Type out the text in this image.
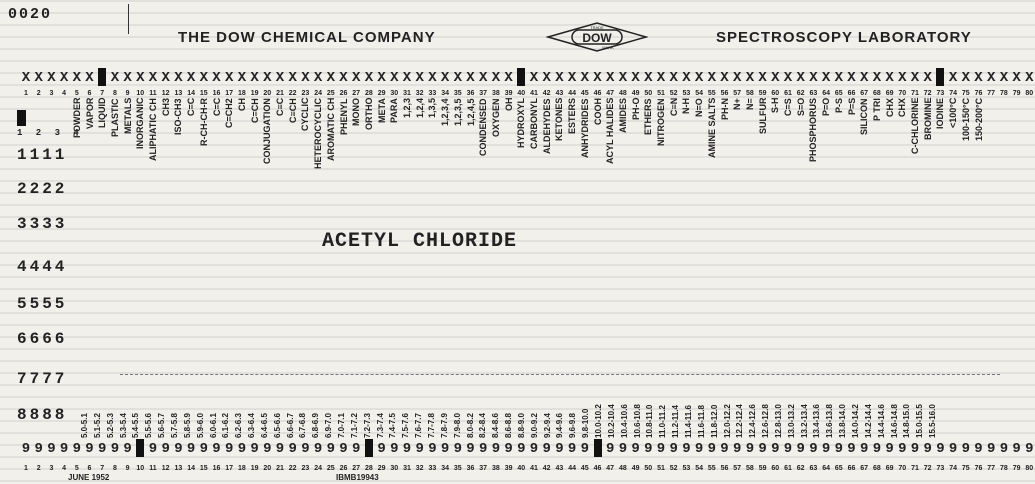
0020
THE DOW CHEMICAL COMPANY	DOW
TRADE
MARK
SPECTROSCOPY LABORATORY
X X X X X X X X X X X X X X X X X X X X X X X X X X X X X X X X X X X X X X X X X X X X X X X X X X X X X X X X X X X X X X X X X X X X X X X X X X X X X
1	2	3	4	5	6	7	8	9 10 11 12 13 14 15 16 17 18 19 20 21 22 23 24 25 26 27 28 29 30 31 32 33 34 35 36 37 38 39 40 41 42 43 44 45 46 47 48 49 50 51 52 53 54 55 56 57 58 59 60 61 62 63 64 65 66 67 68 69 70 71 72 73 74 75 76 77 78 79 80
1 2 3 4
1111
2222
3333
4444
5555
6666
7777
8888
POWDER VAPOR LIQUID PLASTIC METALS INORGANIC ALIPHATIC CH CH3 ISO-CH3 C=C R-CH-CH-R C=C C=CH2 CH C=CH CONJUGATION C≡C C≡CH CYCLIC HETEROCYCLIC AROMATIC CH PHENYL MONO ORTHO META PARA 1,2,3 1,2,4 1,3,5 1,2,3,4 1,2,3,5 1,2,4,5 CONDENSED OXYGEN OH HYDROXYL CARBONYL ALDEHYDES KETONES ESTERS ANHYDRIDES COOH ACYL HALIDES AMIDES PH-O ETHERS NITROGEN C≡N N-H N=O AMINE SALTS PH-N N+ N= SULFUR S-H C=S S=O PHOSPHORUS P=O P-S P=S SILICON P TRI CHX CHX C-CHLORINE BROMINE IODINE <100°C 100-150°C 150-200°C
ACETYL CHLORIDE
5.0-5.1 5.1-5.2 5.2-5.3 5.3-5.4 5.4-5.5 5.5-5.6 5.6-5.7 5.7-5.8 5.8-5.9 5.9-6.0 6.0-6.1 6.1-6.2 6.2-6.3 6.3-6.4 6.4-6.5 6.5-6.6 6.6-6.7 6.7-6.8 6.8-6.9 6.9-7.0 7.0-7.1 7.1-7.2 7.2-7.3 7.3-7.4 7.4-7.5 7.5-7.6 7.6-7.7 7.7-7.8 7.8-7.9 7.9-8.0 8.0-8.2 8.2-8.4 8.4-8.6 8.6-8.8 8.8-9.0 9.0-9.2 9.2-9.4 9.4-9.6 9.6-9.8 9.8-10.0 10.0-10.2 10.2-10.4 10.4-10.6 10.6-10.8 10.8-11.0 11.0-11.2 11.2-11.4 11.4-11.6 11.6-11.8 11.8-12.0 12.0-12.2 12.2-12.4 12.4-12.6 12.6-12.8 12.8-13.0 13.0-13.2 13.2-13.4 13.4-13.6 13.6-13.8 13.8-14.0 14.0-14.2 14.2-14.4 14.4-14.6 14.6-14.8 14.8-15.0 15.0-15.5 15.5-16.0
9 9 9 9 9 9 9 9 9 9 9 9 9 9 9 9 9 9 9 9 9 9 9 9 9 9 9 9 9 9 9 9 9 9 9 9 9 9 9 9 9 9 9 9 9 9 9 9 9 9 9 9 9 9 9 9 9 9 9 9 9 9 9 9 9 9 9 9 9 9 9 9 9 9 9 9 9
1	2	3	4	5	6	7	8	9 10 11 12 13 14 15 16 17 18 19 20 21 22 23 24 25 26 27 28 29 30 31 32 33 34 35 36 37 38 39 40 41 42 43 44 45 46 47 48 49 50 51 52 53 54 55 56 57 58 59 60 61 62 63 64 65 66 67 68 69 70 71 72 73 74 75 76 77 78 79 80
JUNE 1952	IBMB19943
